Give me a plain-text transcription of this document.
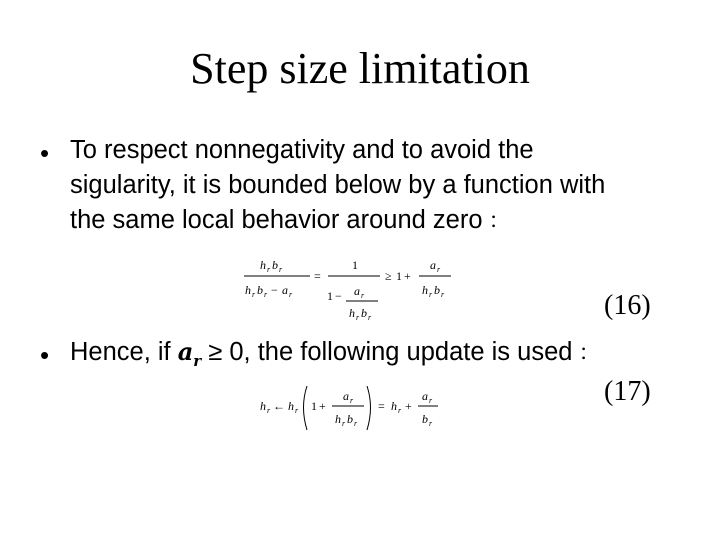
Step size limitation
• To respect nonnegativity and to avoid the
sigularity, it is bounded below by a function with
the same local behavior around zero ：
h r b r
h r b r − a r
=
1
1 − a r
h r b r
≥ 1 +
a r
h r b r	(16)
• Hence, if $a_r \ge 0$, the following update is used ：
h r ← h r 1 +
a r
h r b r
= h r +
a r
b r
(17)
